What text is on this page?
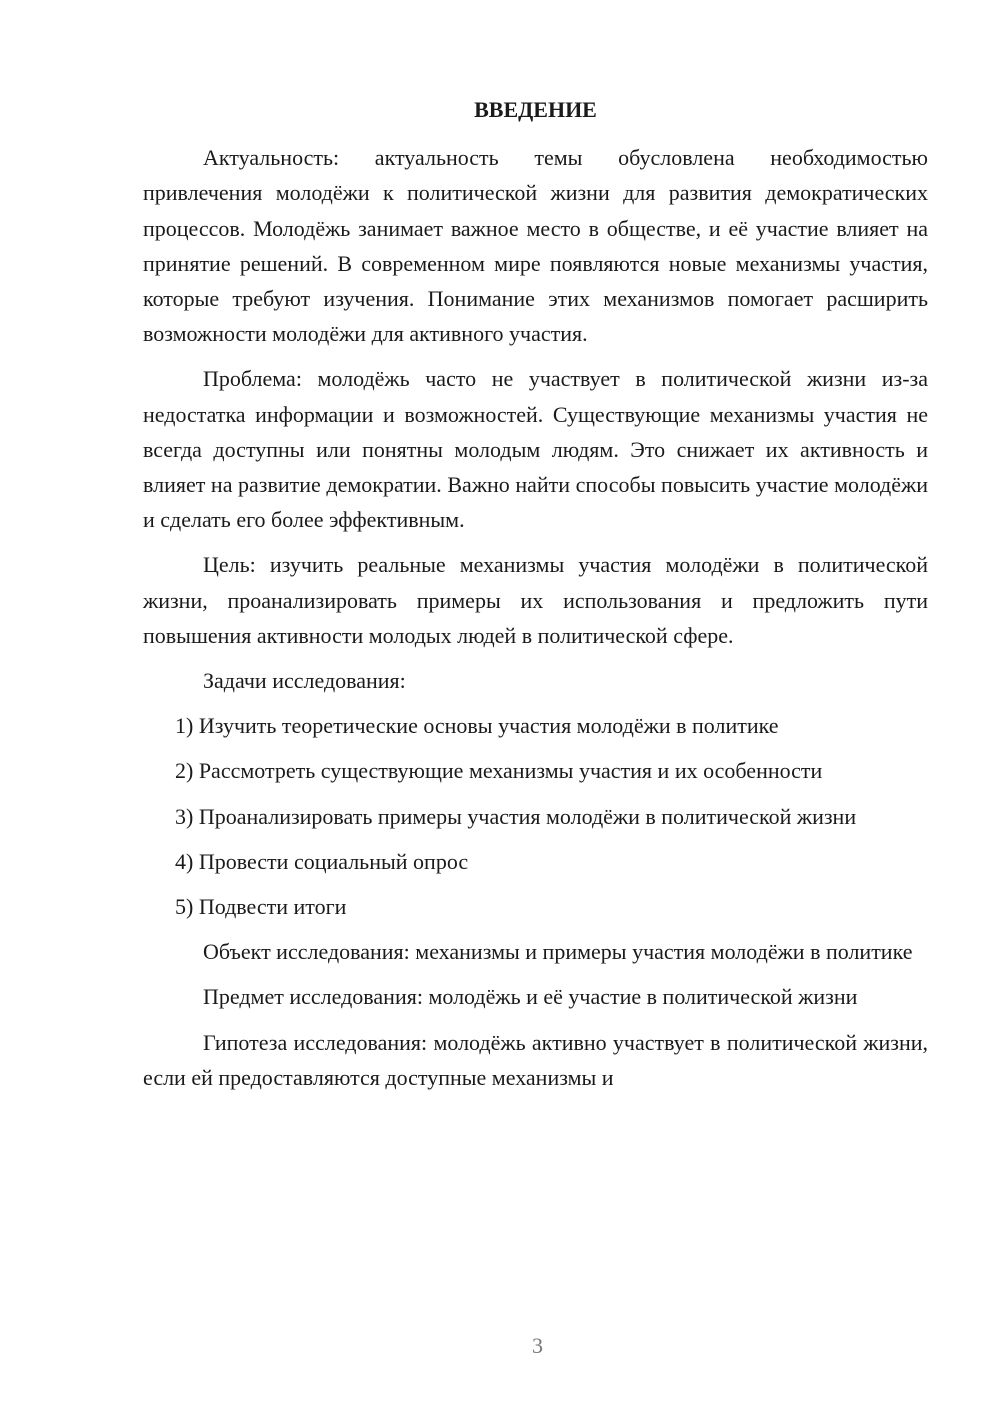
ВВЕДЕНИЕ

Актуальность: актуальность темы обусловлена необходимостью привлечения молодёжи к политической жизни для развития демократических процессов. Молодёжь занимает важное место в обществе, и её участие влияет на принятие решений. В современном мире появляются новые механизмы участия, которые требуют изучения. Понимание этих механизмов помогает расширить возможности молодёжи для активного участия.

Проблема: молодёжь часто не участвует в политической жизни из-за недостатка информации и возможностей. Существующие механизмы участия не всегда доступны или понятны молодым людям. Это снижает их активность и влияет на развитие демократии. Важно найти способы повысить участие молодёжи и сделать его более эффективным.

Цель: изучить реальные механизмы участия молодёжи в политической жизни, проанализировать примеры их использования и предложить пути повышения активности молодых людей в политической сфере.

Задачи исследования:

1) Изучить теоретические основы участия молодёжи в политике

2) Рассмотреть существующие механизмы участия и их особенности

3) Проанализировать примеры участия молодёжи в политической жизни

4) Провести социальный опрос

5) Подвести итоги

Объект исследования: механизмы и примеры участия молодёжи в политике

Предмет исследования: молодёжь и её участие в политической жизни

Гипотеза исследования: молодёжь активно участвует в политической жизни, если ей предоставляются доступные механизмы и

3
